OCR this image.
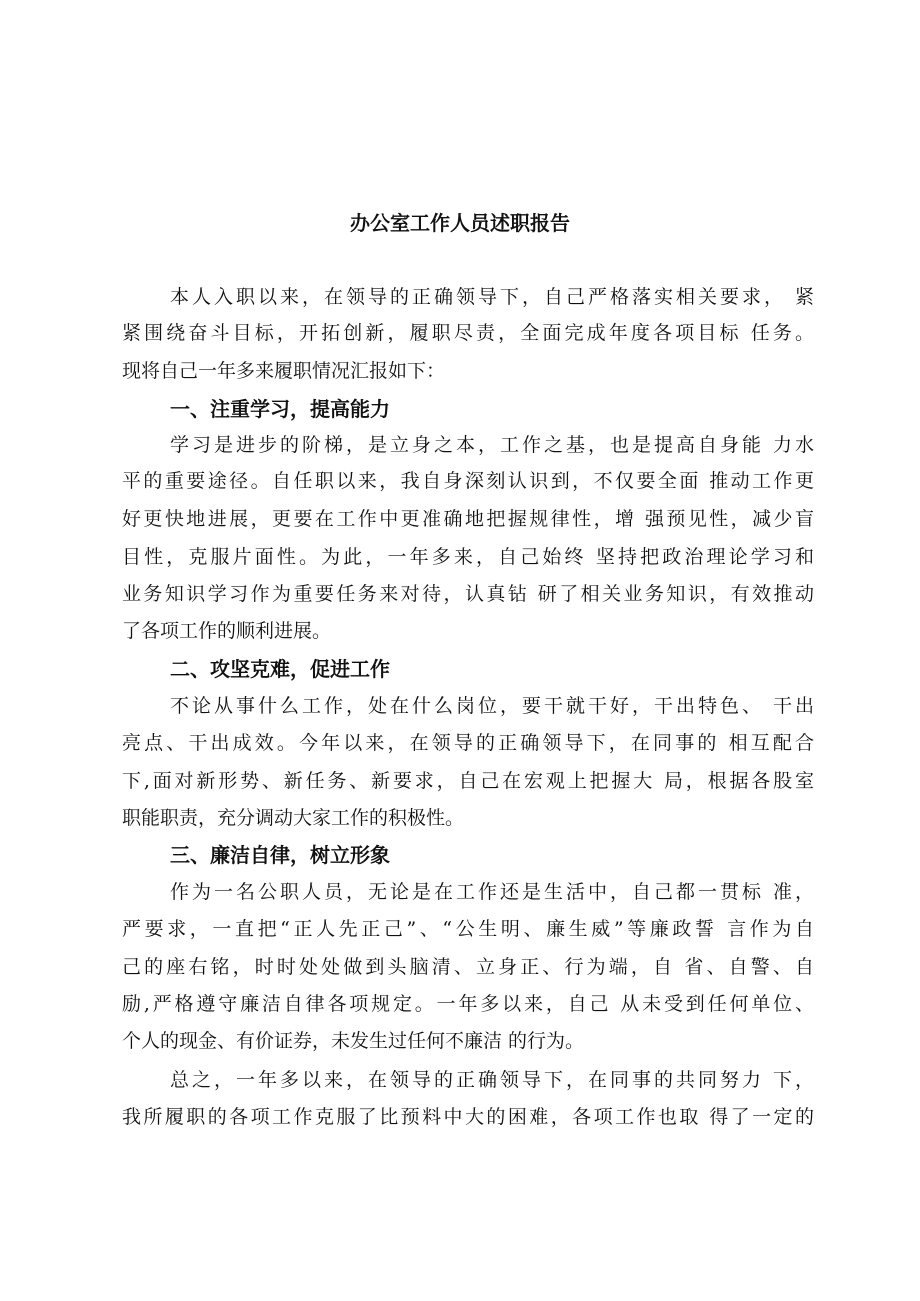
办公室工作人员述职报告
本人入职以来，在领导的正确领导下，自己严格落实相关要求， 紧
紧围绕奋斗目标，开拓创新，履职尽责，全面完成年度各项目标 任务。
现将自己一年多来履职情况汇报如下：
一、注重学习，提高能力
学习是进步的阶梯，是立身之本，工作之基，也是提高自身能 力水
平的重要途径。自任职以来，我自身深刻认识到，不仅要全面 推动工作更
好更快地进展，更要在工作中更准确地把握规律性，增 强预见性，减少盲
目性，克服片面性。为此，一年多来，自己始终 坚持把政治理论学习和
业务知识学习作为重要任务来对待，认真钻 研了相关业务知识，有效推动
了各项工作的顺利进展。
二、攻坚克难，促进工作
不论从事什么工作，处在什么岗位，要干就干好，干出特色、 干出
亮点、干出成效。今年以来，在领导的正确领导下，在同事的 相互配合
下,面对新形势、新任务、新要求，自己在宏观上把握大 局，根据各股室
职能职责，充分调动大家工作的积极性。
三、廉洁自律，树立形象
作为一名公职人员，无论是在工作还是生活中，自己都一贯标 准，
严要求，一直把“正人先正己”、“公生明、廉生威”等廉政誓 言作为自
己的座右铭，时时处处做到头脑清、立身正、行为端，自 省、自警、自
励,严格遵守廉洁自律各项规定。一年多以来，自己 从未受到任何单位、
个人的现金、有价证券，未发生过任何不廉洁 的行为。
总之，一年多以来，在领导的正确领导下，在同事的共同努力 下，
我所履职的各项工作克服了比预料中大的困难，各项工作也取 得了一定的
